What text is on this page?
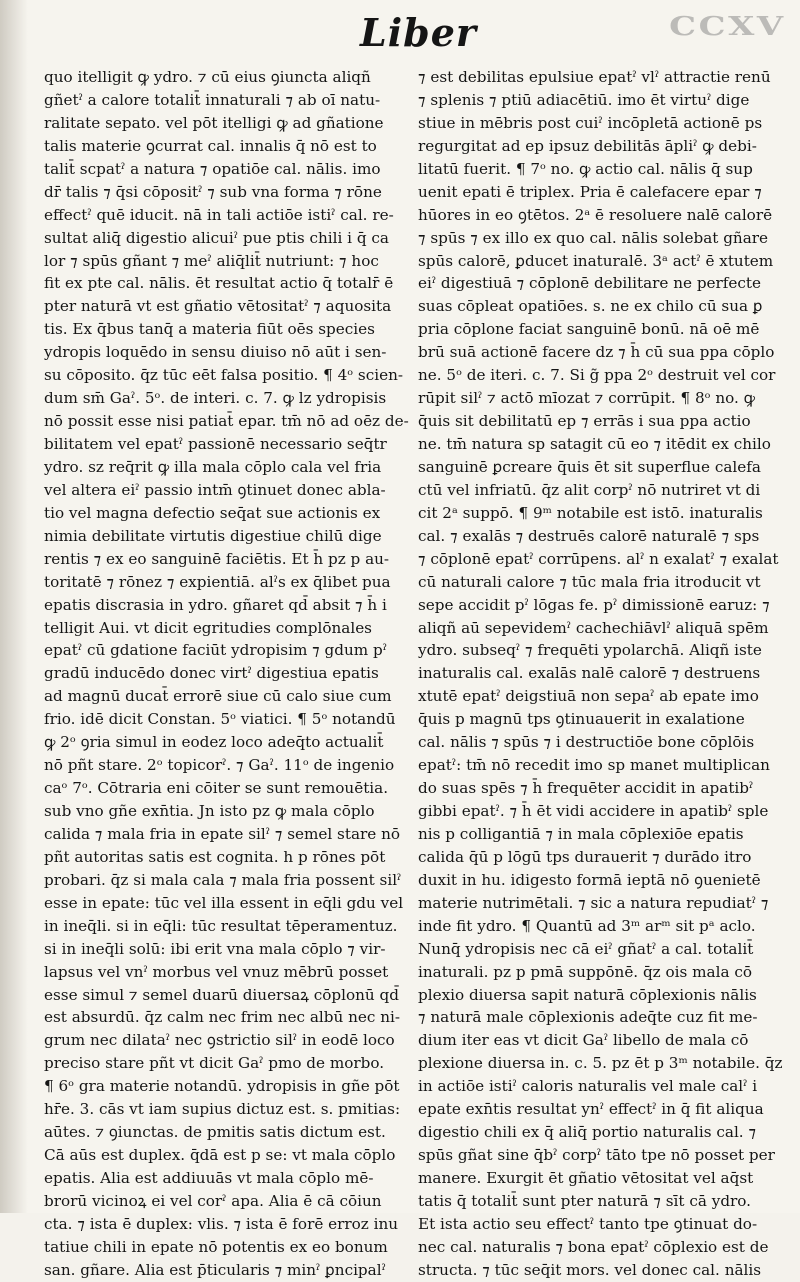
CCXV
Liber
quo itelligit ꝙ ydro. ⁊ cū eius ꝯiuncta aliqñ
gñetˀ a calore totalit̄ innaturali ⁊ ab oī natu-
ralitate sepato. vel pōt itelligi ꝙ ad gñatione
talis materie ꝯcurrat cal. innalis q̄ nō est to
talit̄ scpatˀ a natura ⁊ opatiōe cal. nālis. imo
dr̄ talis ⁊ q̄si cōpositˀ ⁊ sub vna forma ⁊ rōne
effectˀ quē iducit. nā in tali actiōe istiˀ cal. re-
sultat aliq̄ digestio alicuiˀ pue ptis chili i q̄ ca
lor ⁊ spūs gñant ⁊ meˀ aliq̄lit̄ nutriunt: ⁊ hoc
fit ex pte cal. nālis. ēt resultat actio q̄ totalr̄ ē
pter naturā vt est gñatio vētositatˀ ⁊ aquosita
tis. Ex q̄bus tanq̄ a materia fiūt oēs species
ydropis loquēdo in sensu diuiso nō aūt i sen-
su cōposito. q̄z tūc eēt falsa positio. ¶ 4ᵒ scien-
dum sm̄ Gaˀ. 5ᵒ. de interi. c. 7. ꝙ lz ydropisis
nō possit esse nisi patiat̄ epar. tm̄ nō ad oēz de-
bilitatem vel epatˀ passionē necessario seq̄tr
ydro. sz req̄rit ꝙ illa mala cōplo cala vel fria
vel altera eiˀ passio intm̄ ꝯtinuet donec abla-
tio vel magna defectio seq̄at sue actionis ex
nimia debilitate virtutis digestiue chilū dige
rentis ⁊ ex eo sanguinē faciētis. Et h̄ pz p au-
toritatē ⁊ rōnez ⁊ expientiā. alˀs ex q̄libet pua
epatis discrasia in ydro. gñaret qd̄ absit ⁊ h̄ i
telligit Aui. vt dicit egritudies complōnales
epatˀ cū gdatione faciūt ydropisim ⁊ gdum pˀ
gradū inducēdo donec virtˀ digestiua epatis
ad magnū ducat̄ errorē siue cū calo siue cum
frio. idē dicit Constan. 5ᵒ viatici. ¶ 5ᵒ notandū
ꝙ 2ᵒ ꝯria simul in eodez loco adeq̄to actualit̄
nō pñt stare. 2ᵒ topicorˀ. ⁊ Gaˀ. 11ᵒ de ingenio
caᵒ 7ᵒ. Cōtraria eni cōiter se sunt remouētia.
sub vno gñe exn̄tia. Jn isto pz ꝙ mala cōplo
calida ⁊ mala fria in epate silˀ ⁊ semel stare nō
pñt autoritas satis est cognita. h p rōnes pōt
probari. q̄z si mala cala ⁊ mala fria possent silˀ
esse in epate: tūc vel illa essent in eq̄li gdu vel
in ineq̄li. si in eq̄li: tūc resultat tēperamentuz.
si in ineq̄li solū: ibi erit vna mala cōplo ⁊ vir-
lapsus vel vnˀ morbus vel vnuz mēbrū posset
esse simul ⁊ semel duarū diuersaꝝ cōplonū qd̄
est absurdū. q̄z calm nec frim nec albū nec ni-
grum nec dilataˀ nec ꝯstrictio silˀ in eodē loco
preciso stare pñt vt dicit Gaˀ pmo de morbo.
¶ 6ᵒ gra materie notandū. ydropisis in gñe pōt
hr̄e. 3. cās vt iam supius dictuz est. s. pmitias:
aūtes. ⁊ ꝯiunctas. de pmitis satis dictum est.
Cā aūs est duplex. q̄dā est p se: vt mala cōplo
epatis. Alia est addiuuās vt mala cōplo mē-
brorū vicinoꝝ ei vel corˀ apa. Alia ē cā cōiun
cta. ⁊ ista ē duplex: vlis. ⁊ ista ē forē erroz inu
tatiue chili in epate nō potentis ex eo bonum
san. gñare. Alia est p̄ticularis ⁊ minˀ ꝑncipalˀ
⁊ est debilitas epulsiue epatˀ vlˀ attractie renū
⁊ splenis ⁊ ptiū adiacētiū. imo ēt virtuˀ dige
stiue in mēbris post cuiˀ incōpletā actionē ps
regurgitat ad ep ipsuz debilitās āpliˀ ꝙ debi-
litatū fuerit. ¶ 7ᵒ no. ꝙ actio cal. nālis q̄ sup
uenit epati ē triplex. Pria ē calefacere epar ⁊
hūores in eo ꝯtētos. 2ᵃ ē resoluere nalē calorē
⁊ spūs ⁊ ex illo ex quo cal. nālis solebat gñare
spūs calorē, ꝑducet inaturalē. 3ᵃ actˀ ē xtutem
eiˀ digestiuā ⁊ cōplonē debilitare ne perfecte
suas cōpleat opatiōes. s. ne ex chilo cū sua ꝑ
pria cōplone faciat sanguinē bonū. nā oē mē
brū suā actionē facere dz ⁊ h̄ cū sua ppa cōplo
ne. 5ᵒ de iteri. c. 7. Si g̃ ppa 2ᵒ destruit vel cor
rūpit silˀ ⁊ actō mīozat ⁊ corrūpit. ¶ 8ᵒ no. ꝙ
q̄uis sit debilitatū ep ⁊ errās i sua ppa actio
ne. tm̄ natura sp satagit cū eo ⁊ itēdit ex chilo
sanguinē ꝑcreare q̄uis ēt sit superflue calefa
ctū vel infriatū. q̄z alit corpˀ nō nutriret vt di
cit 2ᵃ suppō. ¶ 9ᵐ notabile est istō. inaturalis
cal. ⁊ exalās ⁊ destruēs calorē naturalē ⁊ sps
⁊ cōplonē epatˀ corrūpens. alˀ n exalatˀ ⁊ exalat
cū naturali calore ⁊ tūc mala fria itroducit vt
sepe accidit pˀ lōgas fe. pˀ dimissionē earuz: ⁊
aliqñ aū sepevidemˀ cachechiāvlˀ aliquā spēm
ydro. subseqˀ ⁊ frequēti ypolarchā. Aliqñ iste
inaturalis cal. exalās nalē calorē ⁊ destruens
xtutē epatˀ deigstiuā non sepaˀ ab epate imo
q̄uis p magnū tps ꝯtinuauerit in exalatione
cal. nālis ⁊ spūs ⁊ i destructiōe bone cōplōis
epatˀ: tm̄ nō recedit imo sp manet multiplican
do suas spēs ⁊ h̄ frequēter accidit in apatibˀ
gibbi epatˀ. ⁊ h̄ ēt vidi accidere in apatibˀ sple
nis p colligantiā ⁊ in mala cōplexiōe epatis
calida q̄ū p lōgū tps durauerit ⁊ durādo itro
duxit in hu. idigesto formā ieptā nō ꝯuenietē
materie nutrimētali. ⁊ sic a natura repudiatˀ ⁊
inde fit ydro. ¶ Quantū ad 3ᵐ arᵐ sit pᵃ aclo.
Nunq̄ ydropisis nec cā eiˀ gñatˀ a cal. totalit̄
inaturali. pz p pmā suppōnē. q̄z ois mala cō
plexio diuersa sapit naturā cōplexionis nālis
⁊ naturā male cōplexionis adeq̄te cuz fit me-
dium iter eas vt dicit Gaˀ libello de mala cō
plexione diuersa in. c. 5. pz ēt p 3ᵐ notabile. q̄z
in actiōe istiˀ caloris naturalis vel male calˀ i
epate exn̄tis resultat ynˀ effectˀ in q̄ fit aliqua
digestio chili ex q̄ aliq̄ portio naturalis cal. ⁊
spūs gñat sine q̄bˀ corpˀ tāto tpe nō posset per
manere. Exurgit ēt gñatio vētositat vel aq̄st
tatis q̄ totalit̄ sunt pter naturā ⁊ sīt cā ydro.
Et ista actio seu effectˀ tanto tpe ꝯtinuat do-
nec cal. naturalis ⁊ bona epatˀ cōplexio est de
structa. ⁊ tūc seq̄it mors. vel donec cal. nālis
